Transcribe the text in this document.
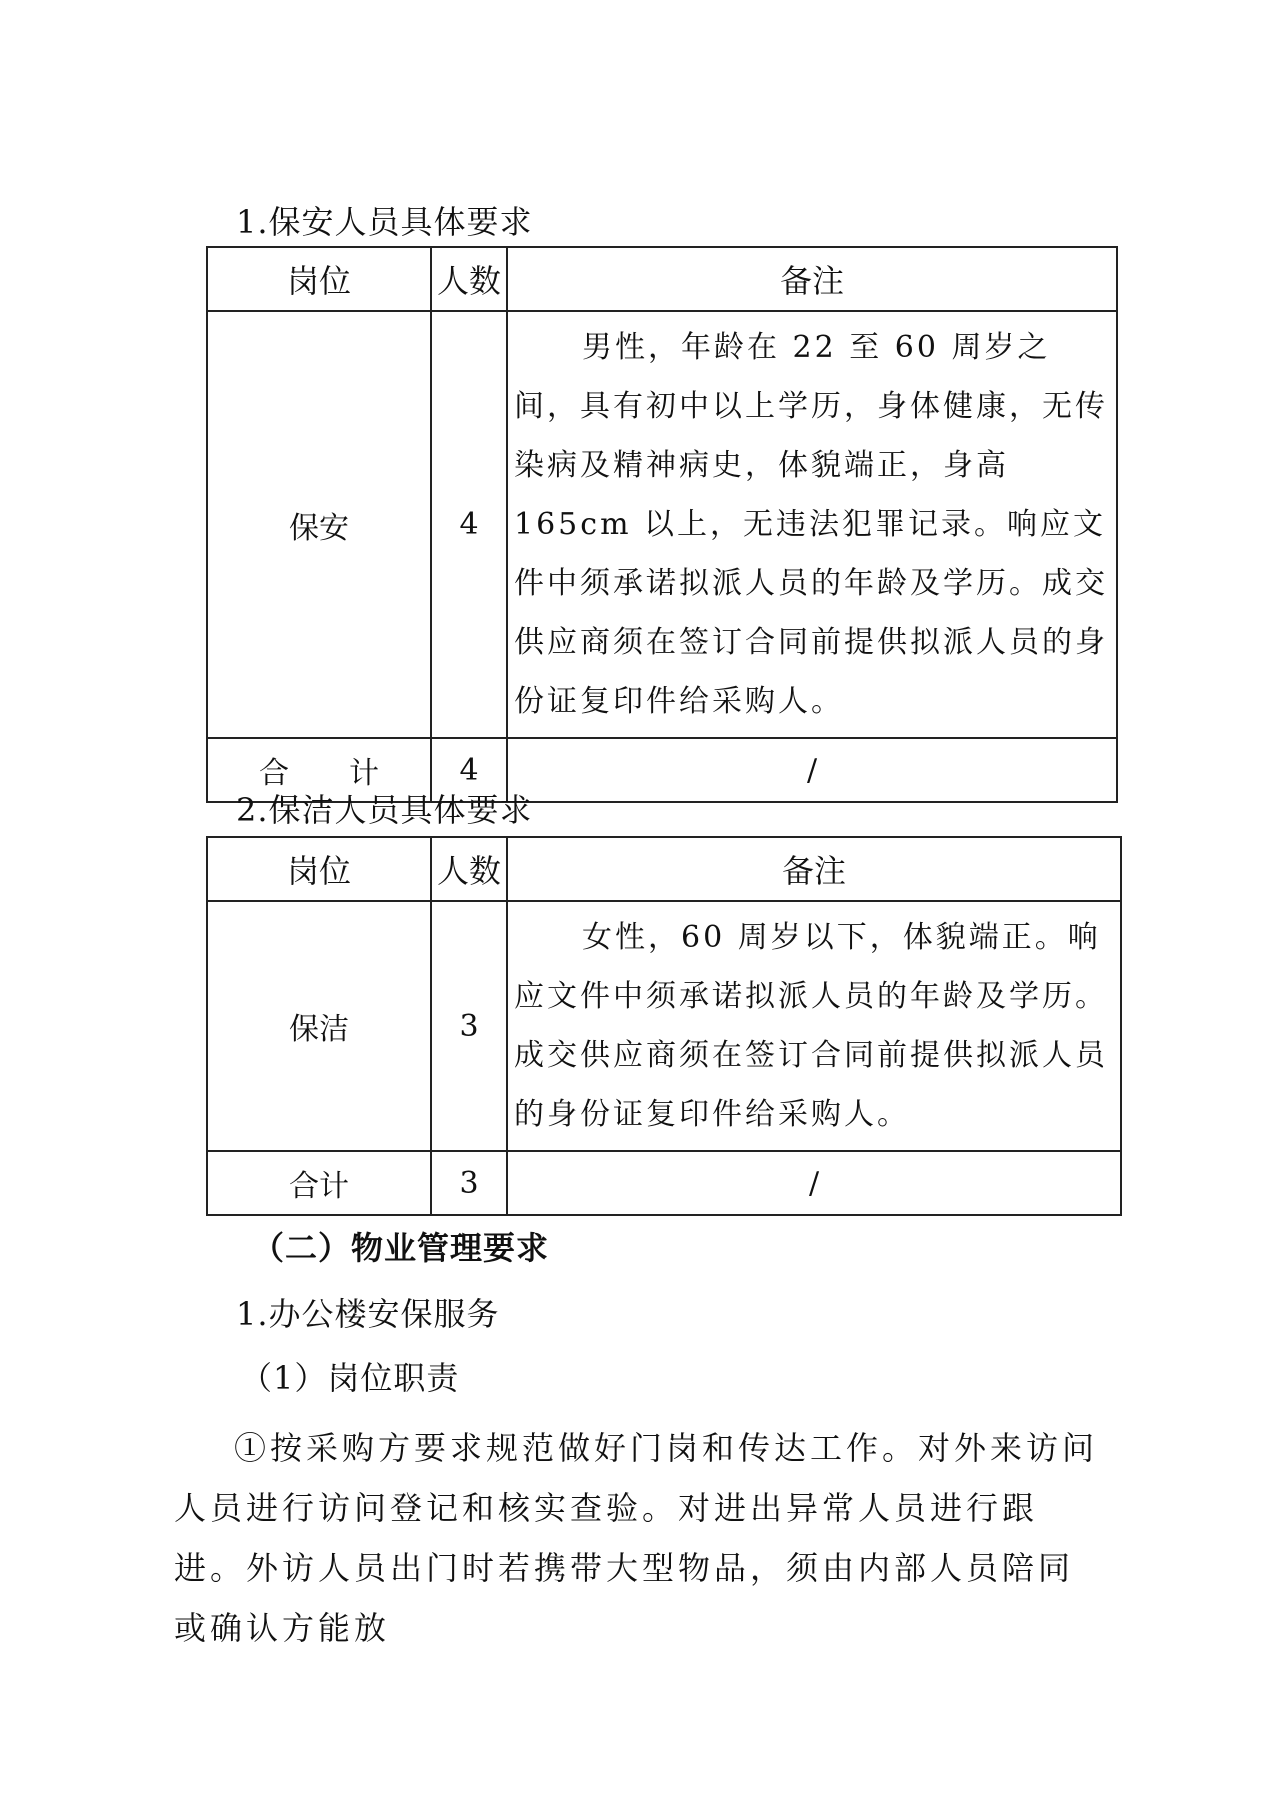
1.保安人员具体要求
岗位	人数	备注
保安	4	男性，年龄在 22 至 60 周岁之间，具有初中以上学历，身体健康，无传染病及精神病史，体貌端正，身高165cm 以上，无违法犯罪记录。响应文件中须承诺拟派人员的年龄及学历。成交供应商须在签订合同前提供拟派人员的身份证复印件给采购人。
合　　计	4	/
2.保洁人员具体要求
岗位	人数	备注
保洁	3	女性，60 周岁以下，体貌端正。响应文件中须承诺拟派人员的年龄及学历。成交供应商须在签订合同前提供拟派人员的身份证复印件给采购人。
合计	3	/
（二）物业管理要求
1.办公楼安保服务
（1）岗位职责

①按采购方要求规范做好门岗和传达工作。对外来访问人员进行访问登记和核实查验。对进出异常人员进行跟进。外访人员出门时若携带大型物品，须由内部人员陪同或确认方能放
